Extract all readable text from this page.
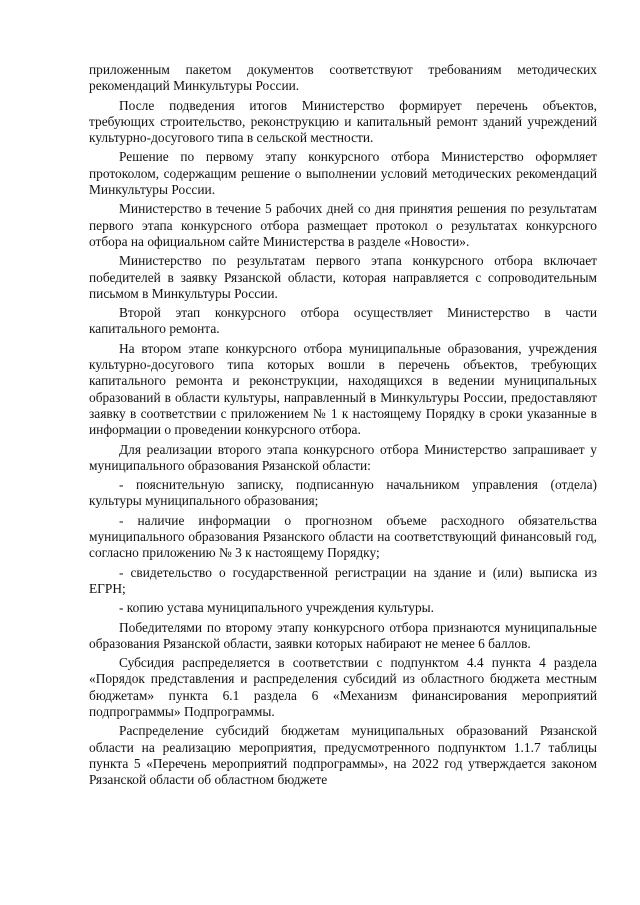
приложенным пакетом документов соответствуют требованиям методических рекомендаций Минкультуры России.

После подведения итогов Министерство формирует перечень объектов, требующих строительство, реконструкцию и капитальный ремонт зданий учреждений культурно-досугового типа в сельской местности.

Решение по первому этапу конкурсного отбора Министерство оформляет протоколом, содержащим решение о выполнении условий методических рекомендаций Минкультуры России.

Министерство в течение 5 рабочих дней со дня принятия решения по результатам первого этапа конкурсного отбора размещает протокол о результатах конкурсного отбора на официальном сайте Министерства в разделе «Новости».

Министерство по результатам первого этапа конкурсного отбора включает победителей в заявку Рязанской области, которая направляется с сопроводительным письмом в Минкультуры России.

Второй этап конкурсного отбора осуществляет Министерство в части капитального ремонта.

На втором этапе конкурсного отбора муниципальные образования, учреждения культурно-досугового типа которых вошли в перечень объектов, требующих капитального ремонта и реконструкции, находящихся в ведении муниципальных образований в области культуры, направленный в Минкультуры России, предоставляют заявку в соответствии с приложением № 1 к настоящему Порядку в сроки указанные в информации о проведении конкурсного отбора.

Для реализации второго этапа конкурсного отбора Министерство запрашивает у муниципального образования Рязанской области:

- пояснительную записку, подписанную начальником управления (отдела) культуры муниципального образования;

- наличие информации о прогнозном объеме расходного обязательства муниципального образования Рязанского области на соответствующий финансовый год, согласно приложению № 3 к настоящему Порядку;

- свидетельство о государственной регистрации на здание и (или) выписка из ЕГРН;

- копию устава муниципального учреждения культуры.

Победителями по второму этапу конкурсного отбора признаются муниципальные образования Рязанской области, заявки которых набирают не менее 6 баллов.

Субсидия распределяется в соответствии с подпунктом 4.4 пункта 4 раздела «Порядок представления и распределения субсидий из областного бюджета местным бюджетам» пункта 6.1 раздела 6 «Механизм финансирования мероприятий подпрограммы» Подпрограммы.

Распределение субсидий бюджетам муниципальных образований Рязанской области на реализацию мероприятия, предусмотренного подпунктом 1.1.7 таблицы пункта 5 «Перечень мероприятий подпрограммы», на 2022 год утверждается законом Рязанской области об областном бюджете
